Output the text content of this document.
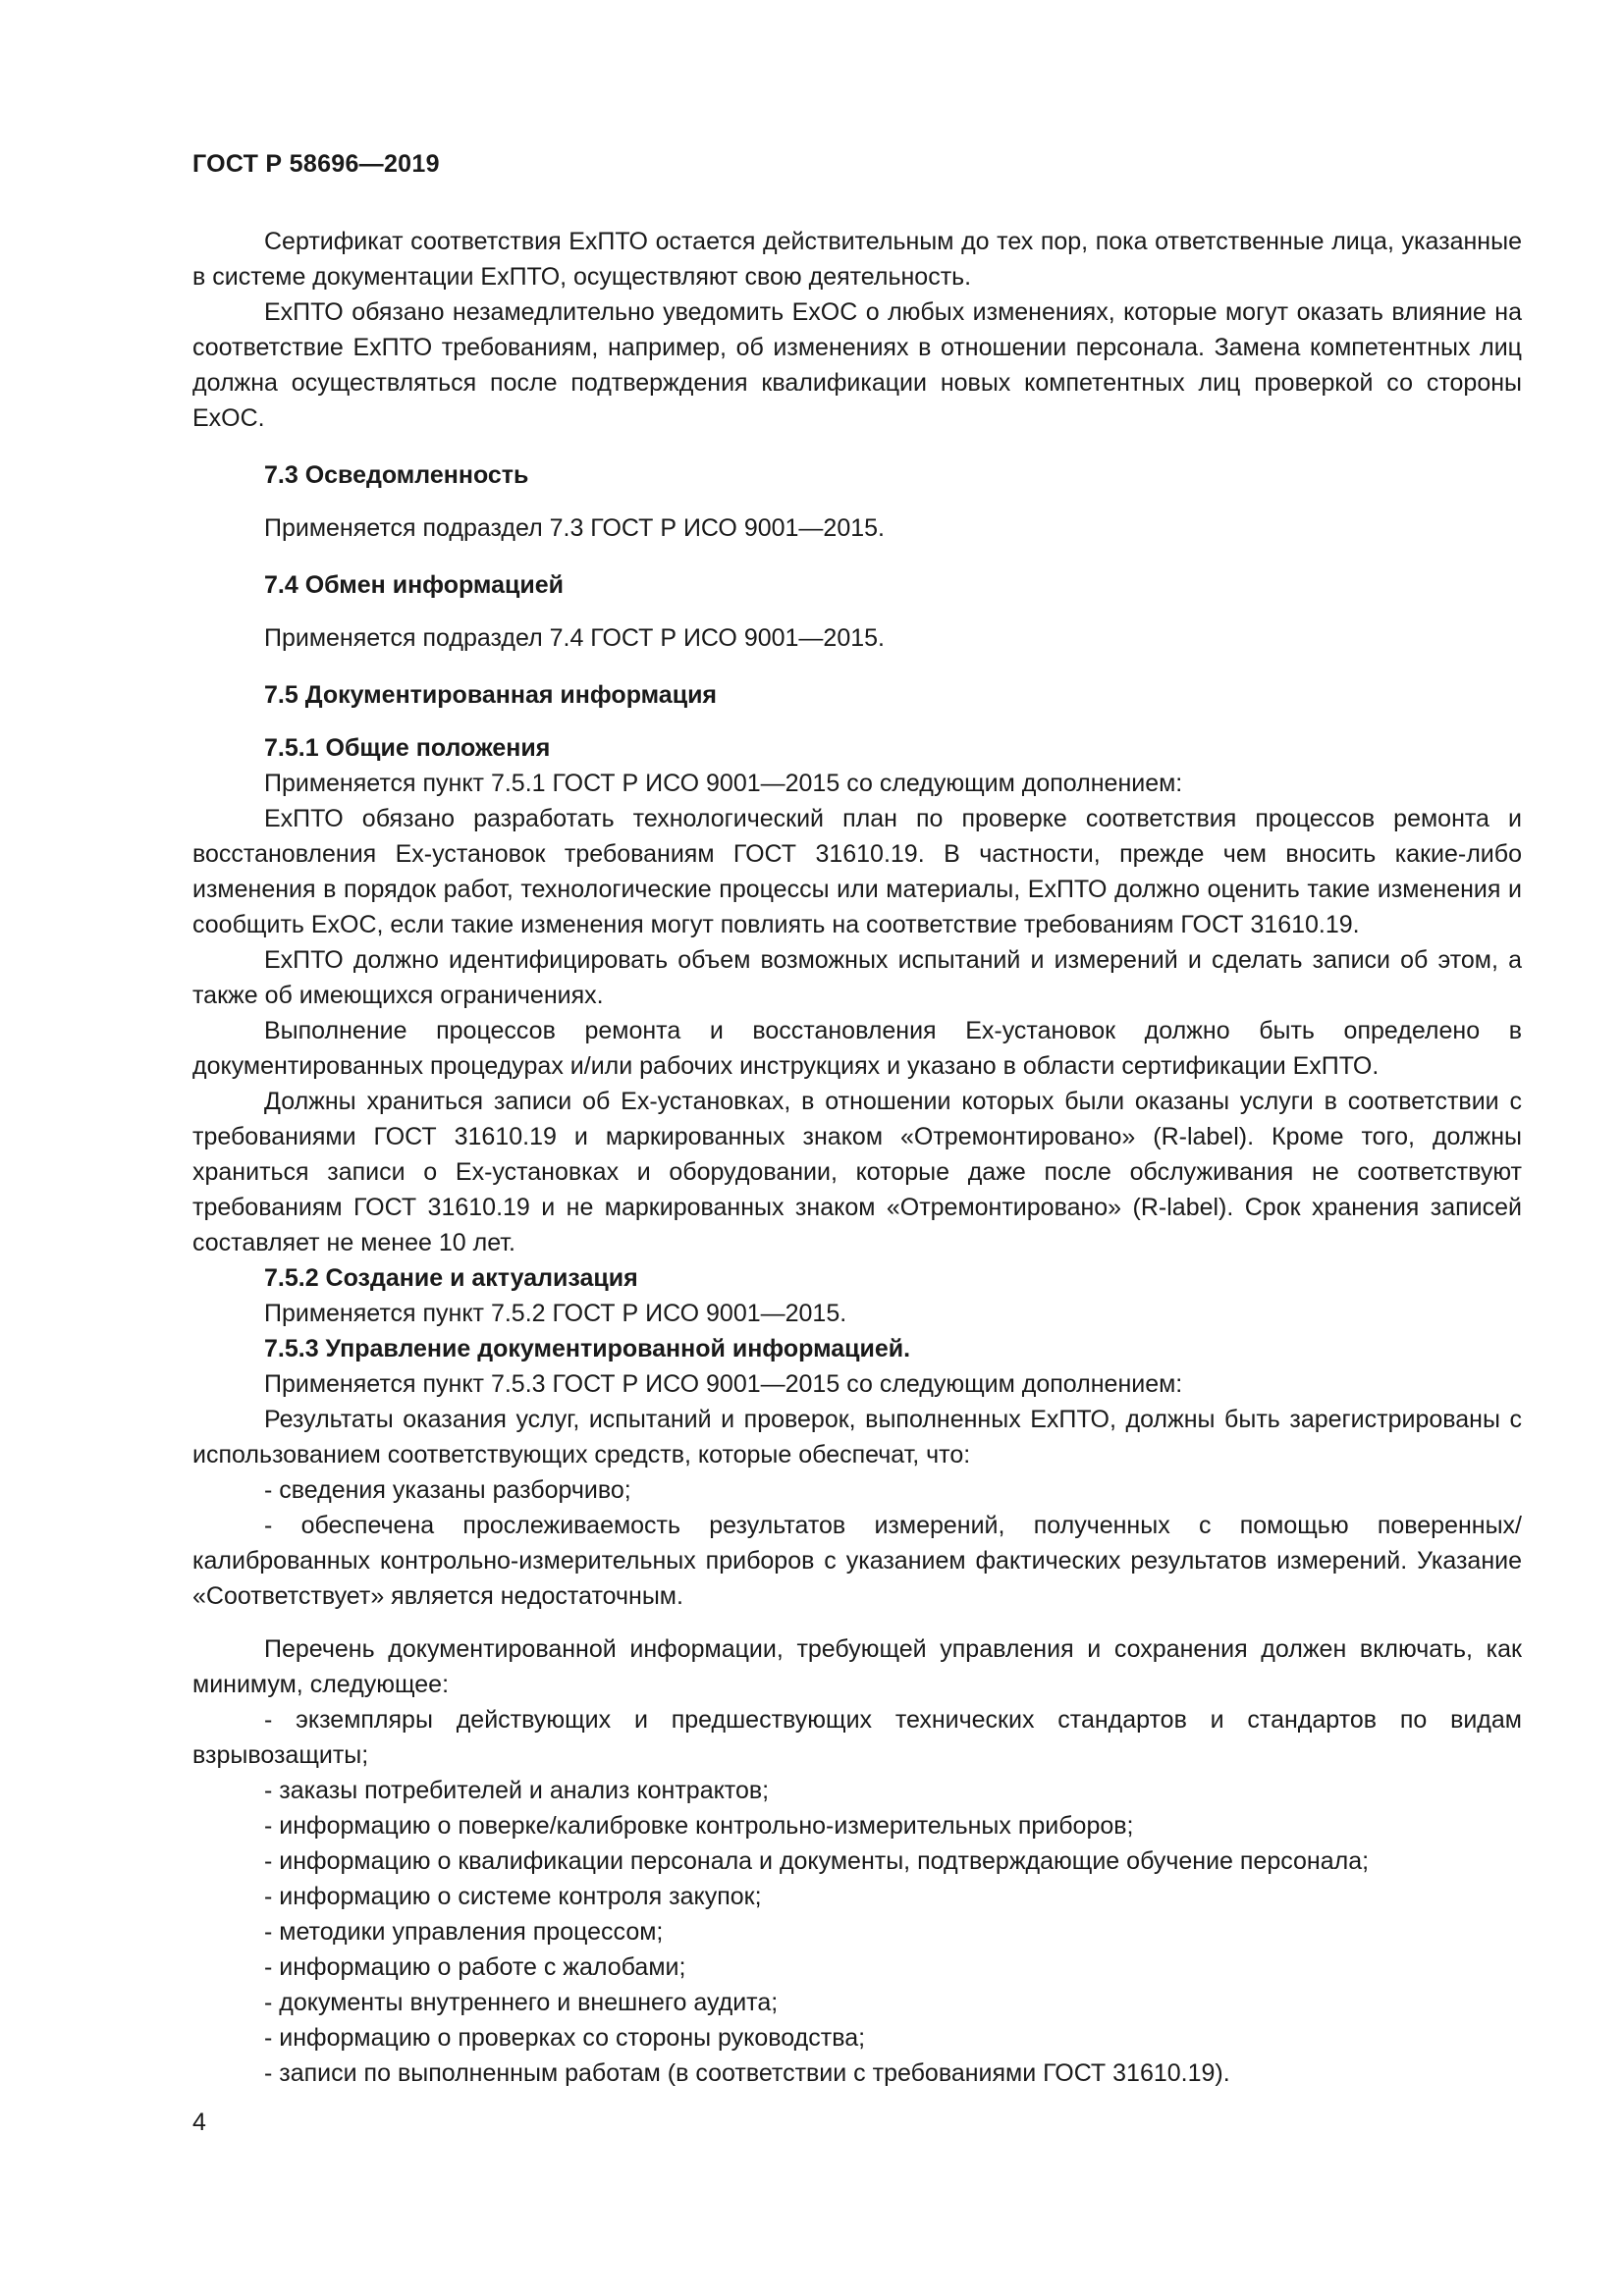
ГОСТ Р 58696—2019

Сертификат соответствия ExПТО остается действительным до тех пор, пока ответственные лица, указанные в системе документации ExПТО, осуществляют свою деятельность.

ExПТО обязано незамедлительно уведомить ExОС о любых изменениях, которые могут оказать влияние на соответствие ExПТО требованиям, например, об изменениях в отношении персонала. Замена компетентных лиц должна осуществляться после подтверждения квалификации новых компетентных лиц проверкой со стороны ExОС.

7.3 Осведомленность

Применяется подраздел 7.3 ГОСТ Р ИСО 9001—2015.

7.4 Обмен информацией

Применяется подраздел 7.4 ГОСТ Р ИСО 9001—2015.

7.5 Документированная информация

7.5.1 Общие положения

Применяется пункт 7.5.1 ГОСТ Р ИСО 9001—2015 со следующим дополнением:

ExПТО обязано разработать технологический план по проверке соответствия процессов ремонта и восстановления Ex-установок требованиям ГОСТ 31610.19. В частности, прежде чем вносить какие-либо изменения в порядок работ, технологические процессы или материалы, ExПТО должно оценить такие изменения и сообщить ExОС, если такие изменения могут повлиять на соответствие требованиям ГОСТ 31610.19.

ExПТО должно идентифицировать объем возможных испытаний и измерений и сделать записи об этом, а также об имеющихся ограничениях.

Выполнение процессов ремонта и восстановления Ex-установок должно быть определено в документированных процедурах и/или рабочих инструкциях и указано в области сертификации ExПТО.

Должны храниться записи об Ex-установках, в отношении которых были оказаны услуги в соответствии с требованиями ГОСТ 31610.19 и маркированных знаком «Отремонтировано» (R-label). Кроме того, должны храниться записи о Ex-установках и оборудовании, которые даже после обслуживания не соответствуют требованиям ГОСТ 31610.19 и не маркированных знаком «Отремонтировано» (R-label). Срок хранения записей составляет не менее 10 лет.

7.5.2 Создание и актуализация

Применяется пункт 7.5.2 ГОСТ Р ИСО 9001—2015.

7.5.3 Управление документированной информацией.

Применяется пункт 7.5.3 ГОСТ Р ИСО 9001—2015 со следующим дополнением:

Результаты оказания услуг, испытаний и проверок, выполненных ExПТО, должны быть зарегистрированы с использованием соответствующих средств, которые обеспечат, что:

- сведения указаны разборчиво;

- обеспечена прослеживаемость результатов измерений, полученных с помощью поверенных/калиброванных контрольно-измерительных приборов с указанием фактических результатов измерений. Указание «Соответствует» является недостаточным.

Перечень документированной информации, требующей управления и сохранения должен включать, как минимум, следующее:

- экземпляры действующих и предшествующих технических стандартов и стандартов по видам взрывозащиты;

- заказы потребителей и анализ контрактов;

- информацию о поверке/калибровке контрольно-измерительных приборов;

- информацию о квалификации персонала и документы, подтверждающие обучение персонала;

- информацию о системе контроля закупок;

- методики управления процессом;

- информацию о работе с жалобами;

- документы внутреннего и внешнего аудита;

- информацию о проверках со стороны руководства;

- записи по выполненным работам (в соответствии с требованиями ГОСТ 31610.19).

4
